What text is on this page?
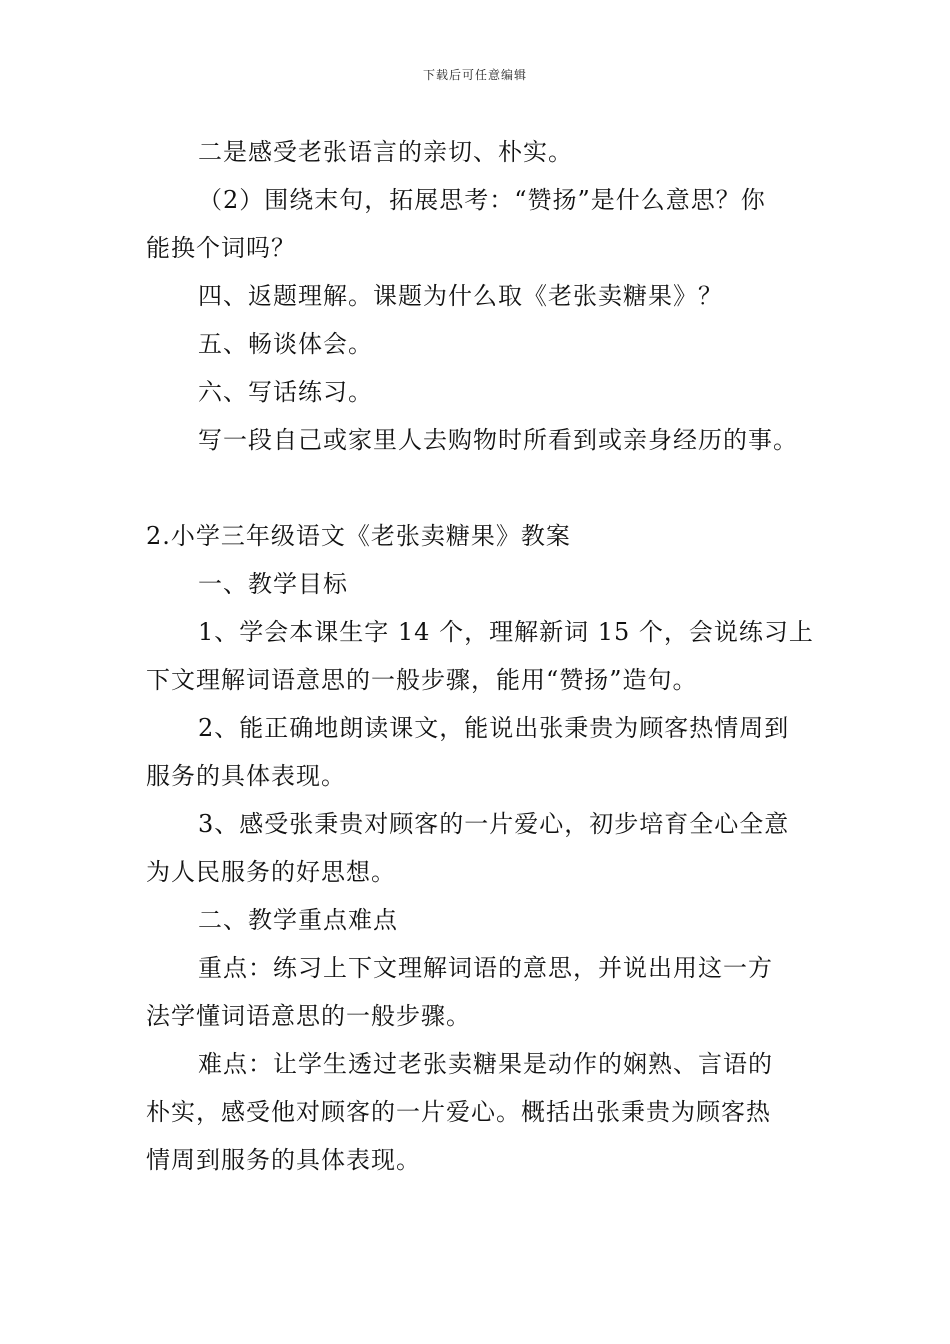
下载后可任意编辑

二是感受老张语言的亲切、朴实。

（2）围绕末句，拓展思考：“赞扬”是什么意思？你

能换个词吗？

四、返题理解。课题为什么取《老张卖糖果》？

五、畅谈体会。

六、写话练习。

写一段自己或家里人去购物时所看到或亲身经历的事。

2.小学三年级语文《老张卖糖果》教案

一、教学目标

1、学会本课生字 14 个，理解新词 15 个，会说练习上

下文理解词语意思的一般步骤，能用“赞扬”造句。

2、能正确地朗读课文，能说出张秉贵为顾客热情周到

服务的具体表现。

3、感受张秉贵对顾客的一片爱心，初步培育全心全意

为人民服务的好思想。

二、教学重点难点

重点：练习上下文理解词语的意思，并说出用这一方

法学懂词语意思的一般步骤。

难点：让学生透过老张卖糖果是动作的娴熟、言语的

朴实，感受他对顾客的一片爱心。概括出张秉贵为顾客热

情周到服务的具体表现。
